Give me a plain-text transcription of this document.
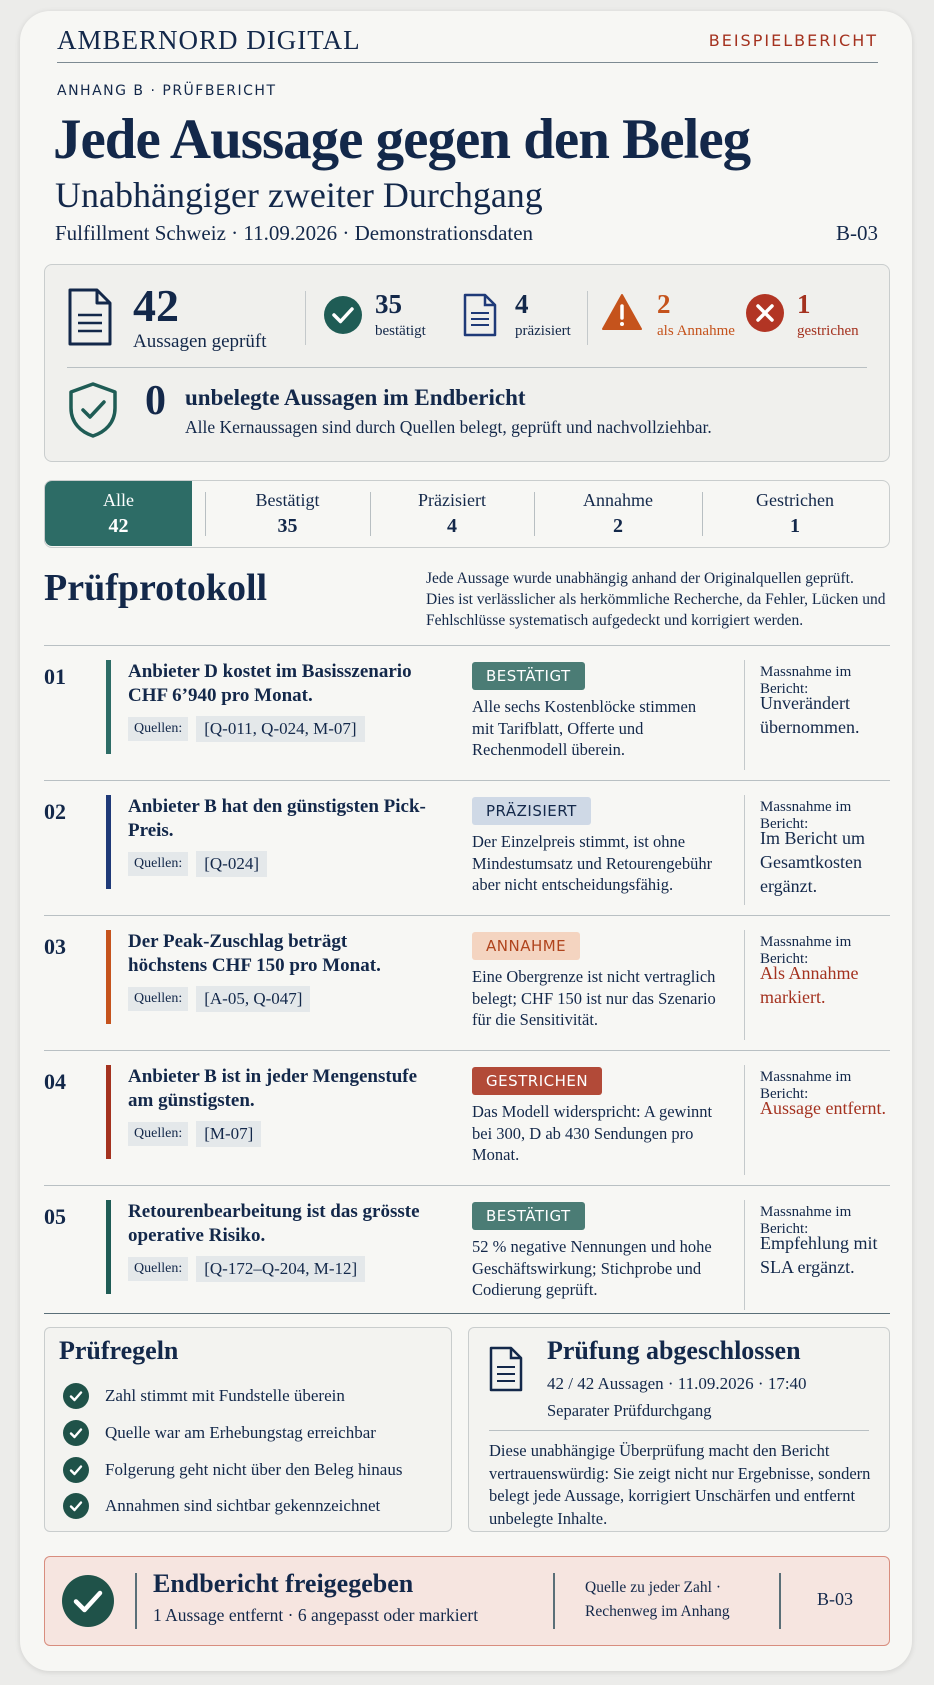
AMBERNORD DIGITAL	BEISPIELBERICHT
ANHANG B · PRÜFBERICHT
Jede Aussage gegen den Beleg
Unabhängiger zweiter Durchgang
Fulfillment Schweiz · 11.09.2026 · Demonstrationsdaten	B-03
42
Aussagen geprüft
35
bestätigt
4
präzisiert
2
als Annahme
1
gestrichen
0 unbelegte Aussagen im Endbericht
Alle Kernaussagen sind durch Quellen belegt, geprüft und nachvollziehbar.
Alle
42
Bestätigt
35
Präzisiert
4
Annahme
2
Gestrichen
1
Prüfprotokoll	Jede Aussage wurde unabhängig anhand der Originalquellen geprüft. Dies ist verlässlicher als herkömmliche Recherche, da Fehler, Lücken und Fehlschlüsse systematisch aufgedeckt und korrigiert werden.
01	Anbieter D kostet im Basisszenario CHF 6’940 pro Monat.
Quellen:	[Q-011, Q-024, M-07]
BESTÄTIGT
Alle sechs Kostenblöcke stimmen mit Tarifblatt, Offerte und Rechenmodell überein.
Massnahme im Bericht:
Unverändert übernommen.
02	Anbieter B hat den günstigsten Pick-Preis.
Quellen:	[Q-024]
PRÄZISIERT
Der Einzelpreis stimmt, ist ohne Mindestumsatz und Retourengebühr aber nicht entscheidungsfähig.
Massnahme im Bericht:
Im Bericht um Gesamtkosten ergänzt.
03	Der Peak-Zuschlag beträgt höchstens CHF 150 pro Monat.
Quellen:	[A-05, Q-047]
ANNAHME
Eine Obergrenze ist nicht vertraglich belegt; CHF 150 ist nur das Szenario für die Sensitivität.
Massnahme im Bericht:
Als Annahme markiert.
04	Anbieter B ist in jeder Mengenstufe am günstigsten.
Quellen:	[M-07]
GESTRICHEN
Das Modell widerspricht: A gewinnt bei 300, D ab 430 Sendungen pro Monat.
Massnahme im Bericht:
Aussage entfernt.
05	Retourenbearbeitung ist das grösste operative Risiko.
Quellen:	[Q-172–Q-204, M-12]
BESTÄTIGT
52 % negative Nennungen und hohe Geschäftswirkung; Stichprobe und Codierung geprüft.
Massnahme im Bericht:
Empfehlung mit SLA ergänzt.
Prüfregeln
Zahl stimmt mit Fundstelle überein
Quelle war am Erhebungstag erreichbar
Folgerung geht nicht über den Beleg hinaus
Annahmen sind sichtbar gekennzeichnet
Prüfung abgeschlossen
42 / 42 Aussagen · 11.09.2026 · 17:40
Separater Prüfdurchgang
Diese unabhängige Überprüfung macht den Bericht vertrauenswürdig: Sie zeigt nicht nur Ergebnisse, sondern belegt jede Aussage, korrigiert Unschärfen und entfernt unbelegte Inhalte.
Endbericht freigegeben
1 Aussage entfernt · 6 angepasst oder markiert
Quelle zu jeder Zahl ·
Rechenweg im Anhang
B-03
